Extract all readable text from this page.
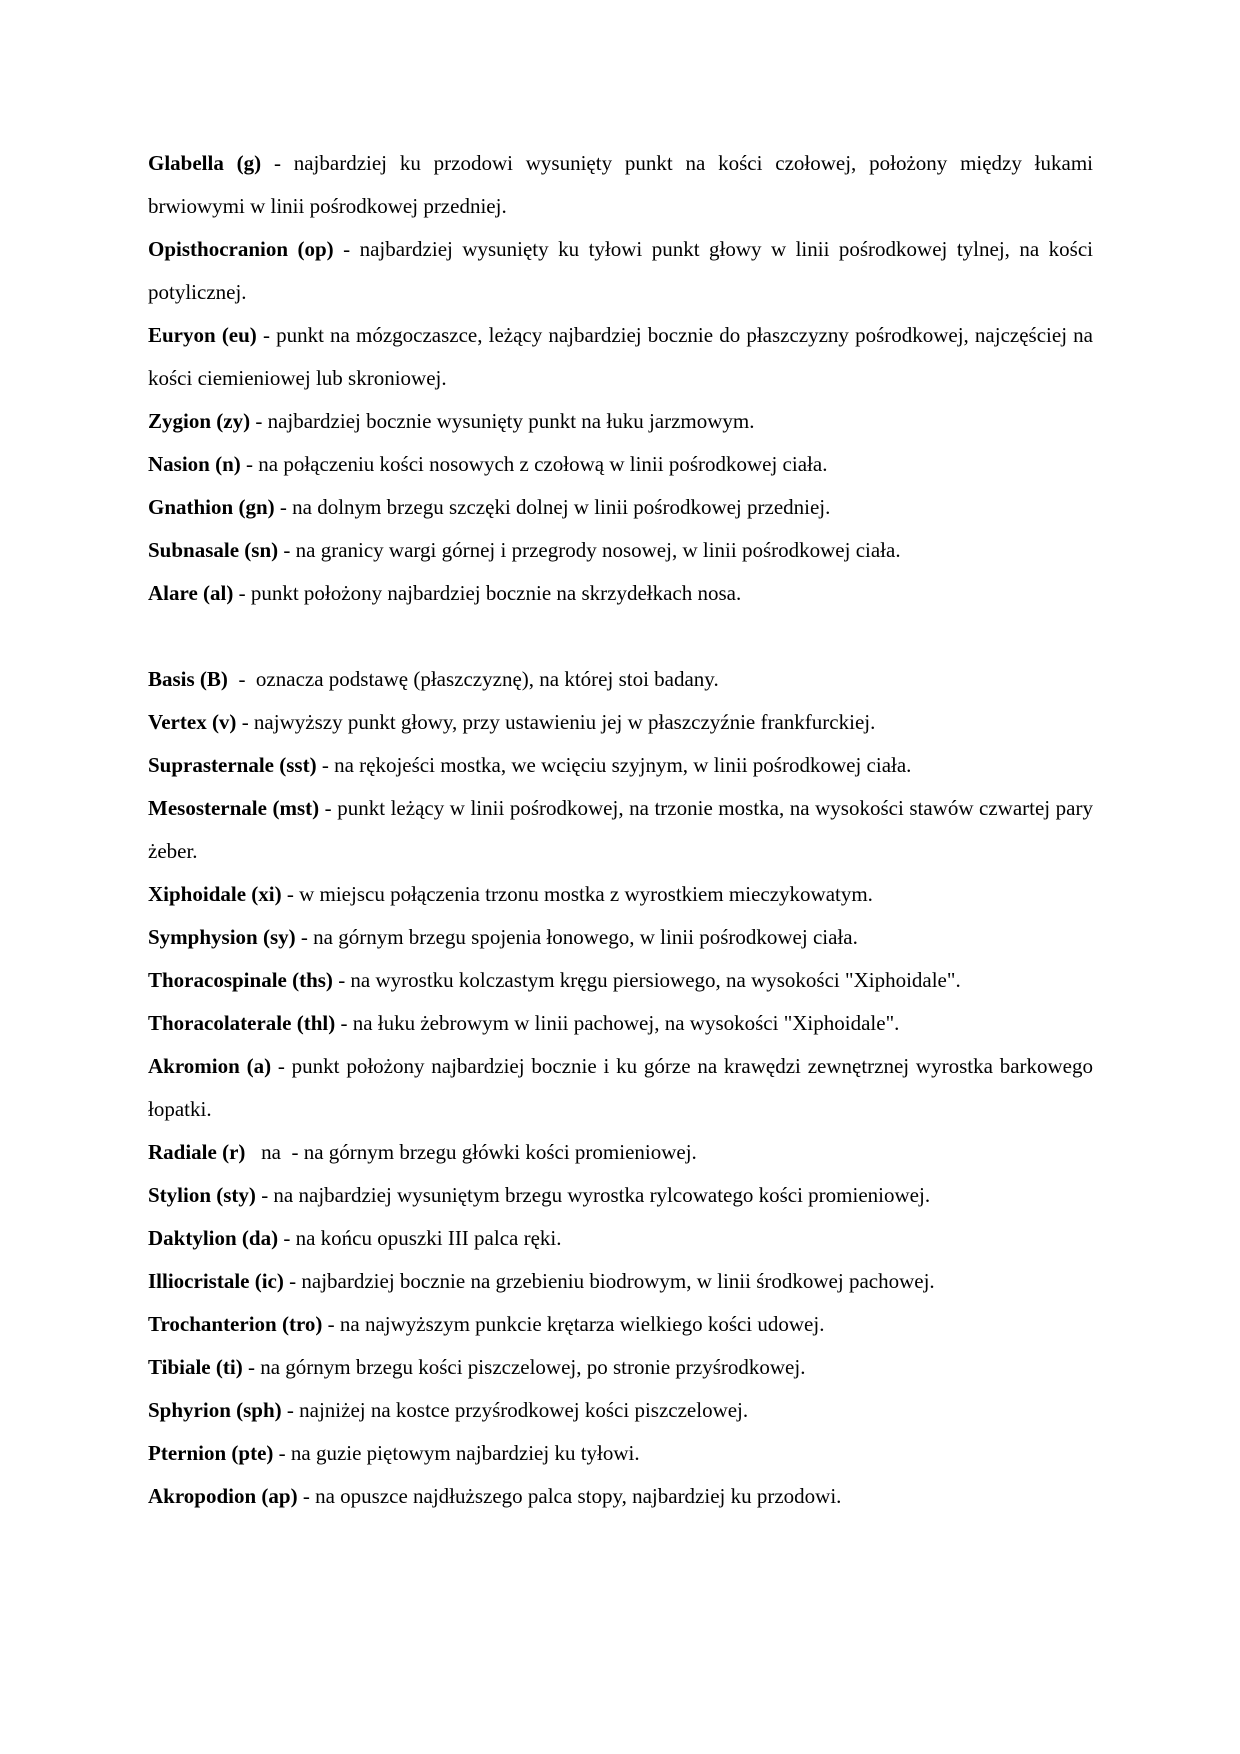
Glabella (g) - najbardziej ku przodowi wysunięty punkt na kości czołowej, położony między łukami brwiowymi w linii pośrodkowej przedniej.

Opisthocranion (op) - najbardziej wysunięty ku tyłowi punkt głowy w linii pośrodkowej tylnej, na kości potylicznej.

Euryon (eu) - punkt na mózgoczaszce, leżący najbardziej bocznie do płaszczyzny pośrodkowej, najczęściej na kości ciemieniowej lub skroniowej.

Zygion (zy) - najbardziej bocznie wysunięty punkt na łuku jarzmowym.

Nasion (n) - na połączeniu kości nosowych z czołową w linii pośrodkowej ciała.

Gnathion (gn) - na dolnym brzegu szczęki dolnej w linii pośrodkowej przedniej.

Subnasale (sn) - na granicy wargi górnej i przegrody nosowej, w linii pośrodkowej ciała.

Alare (al) - punkt położony najbardziej bocznie na skrzydełkach nosa.

Basis (B)  -  oznacza podstawę (płaszczyznę), na której stoi badany.

Vertex (v) - najwyższy punkt głowy, przy ustawieniu jej w płaszczyźnie frankfurckiej.

Suprasternale (sst) - na rękojeści mostka, we wcięciu szyjnym, w linii pośrodkowej ciała.

Mesosternale (mst) - punkt leżący w linii pośrodkowej, na trzonie mostka, na wysokości stawów czwartej pary żeber.

Xiphoidale (xi) - w miejscu połączenia trzonu mostka z wyrostkiem mieczykowatym.

Symphysion (sy) - na górnym brzegu spojenia łonowego, w linii pośrodkowej ciała.

Thoracospinale (ths) - na wyrostku kolczastym kręgu piersiowego, na wysokości "Xiphoidale".

Thoracolaterale (thl) - na łuku żebrowym w linii pachowej, na wysokości "Xiphoidale".

Akromion (a) - punkt położony najbardziej bocznie i ku górze na krawędzi zewnętrznej wyrostka barkowego łopatki.

Radiale (r)   na  - na górnym brzegu główki kości promieniowej.

Stylion (sty) - na najbardziej wysuniętym brzegu wyrostka rylcowatego kości promieniowej.

Daktylion (da) - na końcu opuszki III palca ręki.

Illiocristale (ic) - najbardziej bocznie na grzebieniu biodrowym, w linii środkowej pachowej.

Trochanterion (tro) - na najwyższym punkcie krętarza wielkiego kości udowej.

Tibiale (ti) - na górnym brzegu kości piszczelowej, po stronie przyśrodkowej.

Sphyrion (sph) - najniżej na kostce przyśrodkowej kości piszczelowej.

Pternion (pte) - na guzie piętowym najbardziej ku tyłowi.

Akropodion (ap) - na opuszce najdłuższego palca stopy, najbardziej ku przodowi.
